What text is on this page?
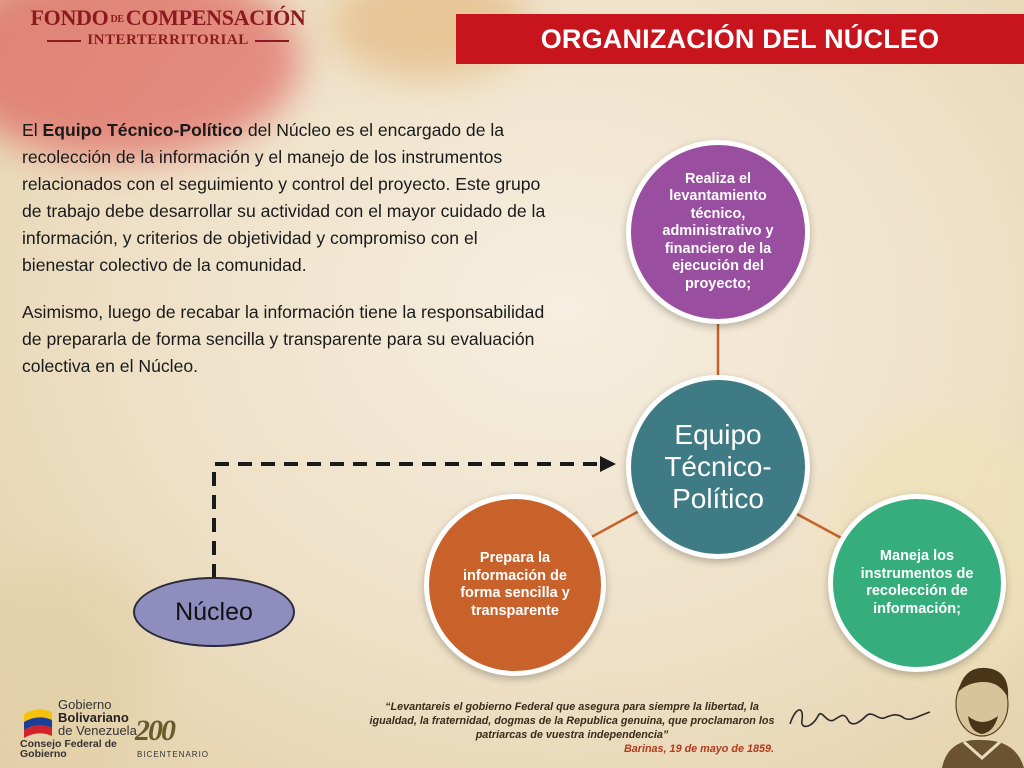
FONDO DECOMPENSACIÓN
INTERTERRITORIAL	ORGANIZACIÓN DEL NÚCLEO

El Equipo Técnico-Político del Núcleo es el encargado de la recolección de la información y el manejo de los instrumentos relacionados con el seguimiento y control del proyecto. Este grupo de trabajo debe desarrollar su actividad con el mayor cuidado de la información, y criterios de objetividad y compromiso con el bienestar colectivo de la comunidad.

Asimismo, luego de recabar la información tiene la responsabilidad de prepararla de forma sencilla y transparente para su evaluación colectiva en el Núcleo.

Realiza el levantamiento técnico, administrativo y financiero de la ejecución del proyecto;
Equipo Técnico-Político
Maneja los instrumentos de recolección de información;
Prepara la información de forma sencilla y transparente
Núcleo
Gobierno
Bolivariano
de Venezuela
Consejo Federal de
Gobierno
200
BICENTENARIO
“Levantareis el gobierno Federal que asegura para siempre la libertad, la igualdad, la fraternidad, dogmas de la Republica genuina, que proclamaron los patriarcas de vuestra independencia”
Barinas, 19 de mayo de 1859.
